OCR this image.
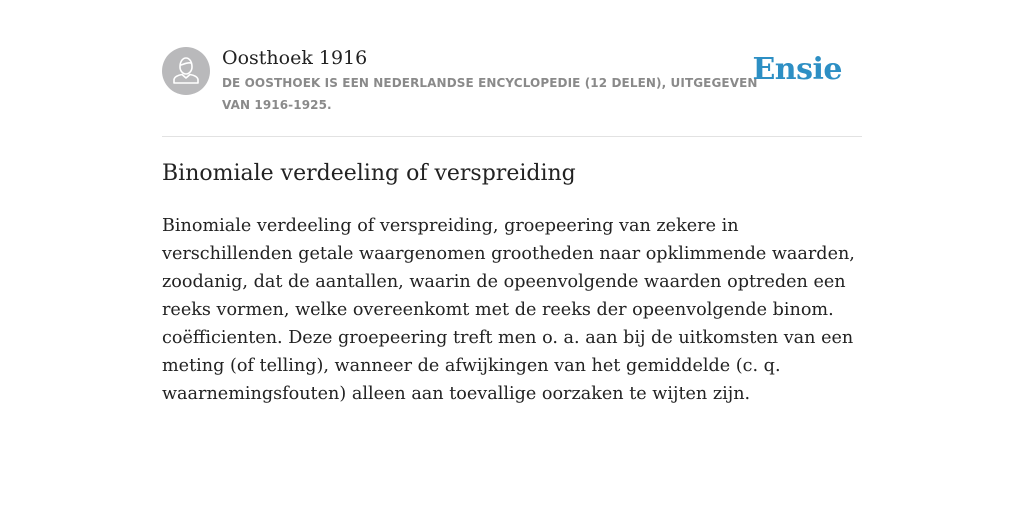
Oosthoek 1916
DE OOSTHOEK IS EEN NEDERLANDSE ENCYCLOPEDIE (12 DELEN), UITGEGEVEN VAN 1916-1925.
Ensie
Binomiale verdeeling of verspreiding

Binomiale verdeeling of verspreiding, groepeering van zekere in verschillenden getale waargenomen grootheden naar opklimmende waarden, zoodanig, dat de aantallen, waarin de opeenvolgende waarden optreden een reeks vormen, welke overeenkomt met de reeks der opeenvolgende binom. coëfficienten. Deze groepeering treft men o. a. aan bij de uitkomsten van een meting (of telling), wanneer de afwijkingen van het gemiddelde (c. q. waarnemingsfouten) alleen aan toevallige oorzaken te wijten zijn.
